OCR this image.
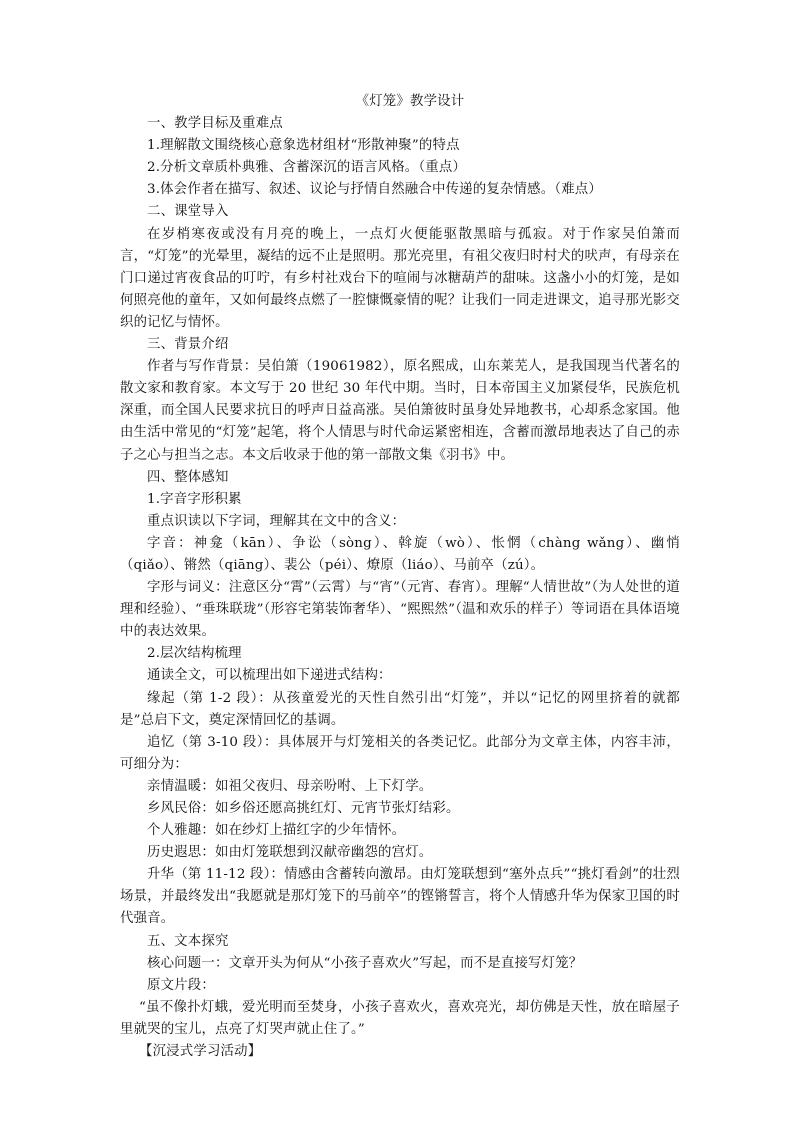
《灯笼》教学设计
一、教学目标及重难点
1.理解散文围绕核心意象选材组材“形散神聚”的特点
2.分析文章质朴典雅、含蓄深沉的语言风格。（重点）
3.体会作者在描写、叙述、议论与抒情自然融合中传递的复杂情感。（难点）
二、课堂导入
在岁梢寒夜或没有月亮的晚上，一点灯火便能驱散黑暗与孤寂。对于作家吴伯箫而言，“灯笼”的光晕里，凝结的远不止是照明。那光亮里，有祖父夜归时村犬的吠声，有母亲在门口递过宵夜食品的叮咛，有乡村社戏台下的喧闹与冰糖葫芦的甜味。这盏小小的灯笼，是如何照亮他的童年，又如何最终点燃了一腔慷慨豪情的呢？让我们一同走进课文，追寻那光影交织的记忆与情怀。
三、背景介绍
作者与写作背景：吴伯箫（19061982），原名熙成，山东莱芜人，是我国现当代著名的散文家和教育家。本文写于 20 世纪 30 年代中期。当时，日本帝国主义加紧侵华，民族危机深重，而全国人民要求抗日的呼声日益高涨。吴伯箫彼时虽身处异地教书，心却系念家国。他由生活中常见的“灯笼”起笔，将个人情思与时代命运紧密相连，含蓄而激昂地表达了自己的赤子之心与担当之志。本文后收录于他的第一部散文集《羽书》中。
四、整体感知
1.字音字形积累
重点识读以下字词，理解其在文中的含义：
字音：神龛（kān）、争讼（sòng）、斡旋（wò）、怅惘（chàng wǎng）、幽悄（qiǎo）、锵然（qiāng）、裴公（péi）、燎原（liáo）、马前卒（zú）。
字形与词义：注意区分“霄”（云霄）与“宵”（元宵、春宵）。理解“人情世故”（为人处世的道理和经验）、“垂珠联珑”（形容宅第装饰奢华）、“熙熙然”（温和欢乐的样子）等词语在具体语境中的表达效果。
2.层次结构梳理
通读全文，可以梳理出如下递进式结构：
缘起（第 1-2 段）：从孩童爱光的天性自然引出“灯笼”，并以“记忆的网里挤着的就都是”总启下文，奠定深情回忆的基调。
追忆（第 3-10 段）：具体展开与灯笼相关的各类记忆。此部分为文章主体，内容丰沛，可细分为：
亲情温暖：如祖父夜归、母亲吩咐、上下灯学。
乡风民俗：如乡俗还愿高挑红灯、元宵节张灯结彩。
个人雅趣：如在纱灯上描红字的少年情怀。
历史遐思：如由灯笼联想到汉献帝幽怨的宫灯。
升华（第 11-12 段）：情感由含蓄转向激昂。由灯笼联想到“塞外点兵”“挑灯看剑”的壮烈场景，并最终发出“我愿就是那灯笼下的马前卒”的铿锵誓言，将个人情感升华为保家卫国的时代强音。
五、文本探究
核心问题一：文章开头为何从“小孩子喜欢火”写起，而不是直接写灯笼？
原文片段：
“虽不像扑灯蛾，爱光明而至焚身，小孩子喜欢火，喜欢亮光，却仿佛是天性，放在暗屋子里就哭的宝儿，点亮了灯哭声就止住了。”
【沉浸式学习活动】
